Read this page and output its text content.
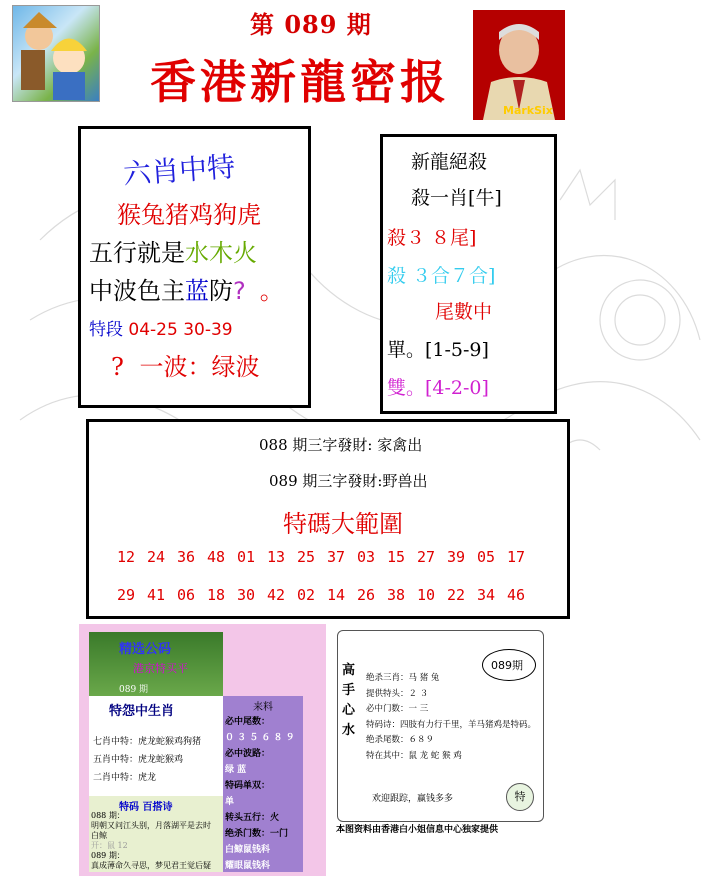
第 089 期
香港新龍密报
MarkSix
六肖中特
猴兔猪鸡狗虎
五行就是水木火
中波色主蓝防? 。
特段 04-25 30-39
? 一波：绿波
新龍絕殺
殺一肖[牛]
殺３ ８尾]
殺 ３合７合]
尾數中
單。[1-5-9]
雙。[4-2-0]
088 期三字發財: 家禽出
089 期三字發財:野兽出
特碼大範圍
12 24 36 48 01 13 25 37 03 15 27 39 05 17
29 41 06 18 30 42 02 14 26 38 10 22 34 46
精选公码
港京特买平
089 期
特怨中生肖
七肖中特：虎龙蛇猴鸡狗猪
五肖中特：虎龙蛇猴鸡
二肖中特：虎龙
特码 百搭诗
088 期：
明朝又问江头别，月落湖平是去时
白鲸
开：鼠 12
089 期：
真成薄命久寻思，梦见君王觉后疑
来料
必中尾数：
０ ３ ５ ６ ８ ９
必中波路：
绿 蓝
特码单双：
单
转头五行：火
绝杀门数：一门
白鲸鼠钱科
耀眼鼠钱科
高
手
心
水
089期
绝杀三肖：马 猪 兔
提供特头：２ ３
必中门数：一 三
特码诗：四肢有力行千里，羊马猪鸡是特码。
绝杀尾数：６８９
特在其中：鼠 龙 蛇 猴 鸡
欢迎跟踪，赢钱多多	特
本图资料由香港白小姐信息中心独家提供
